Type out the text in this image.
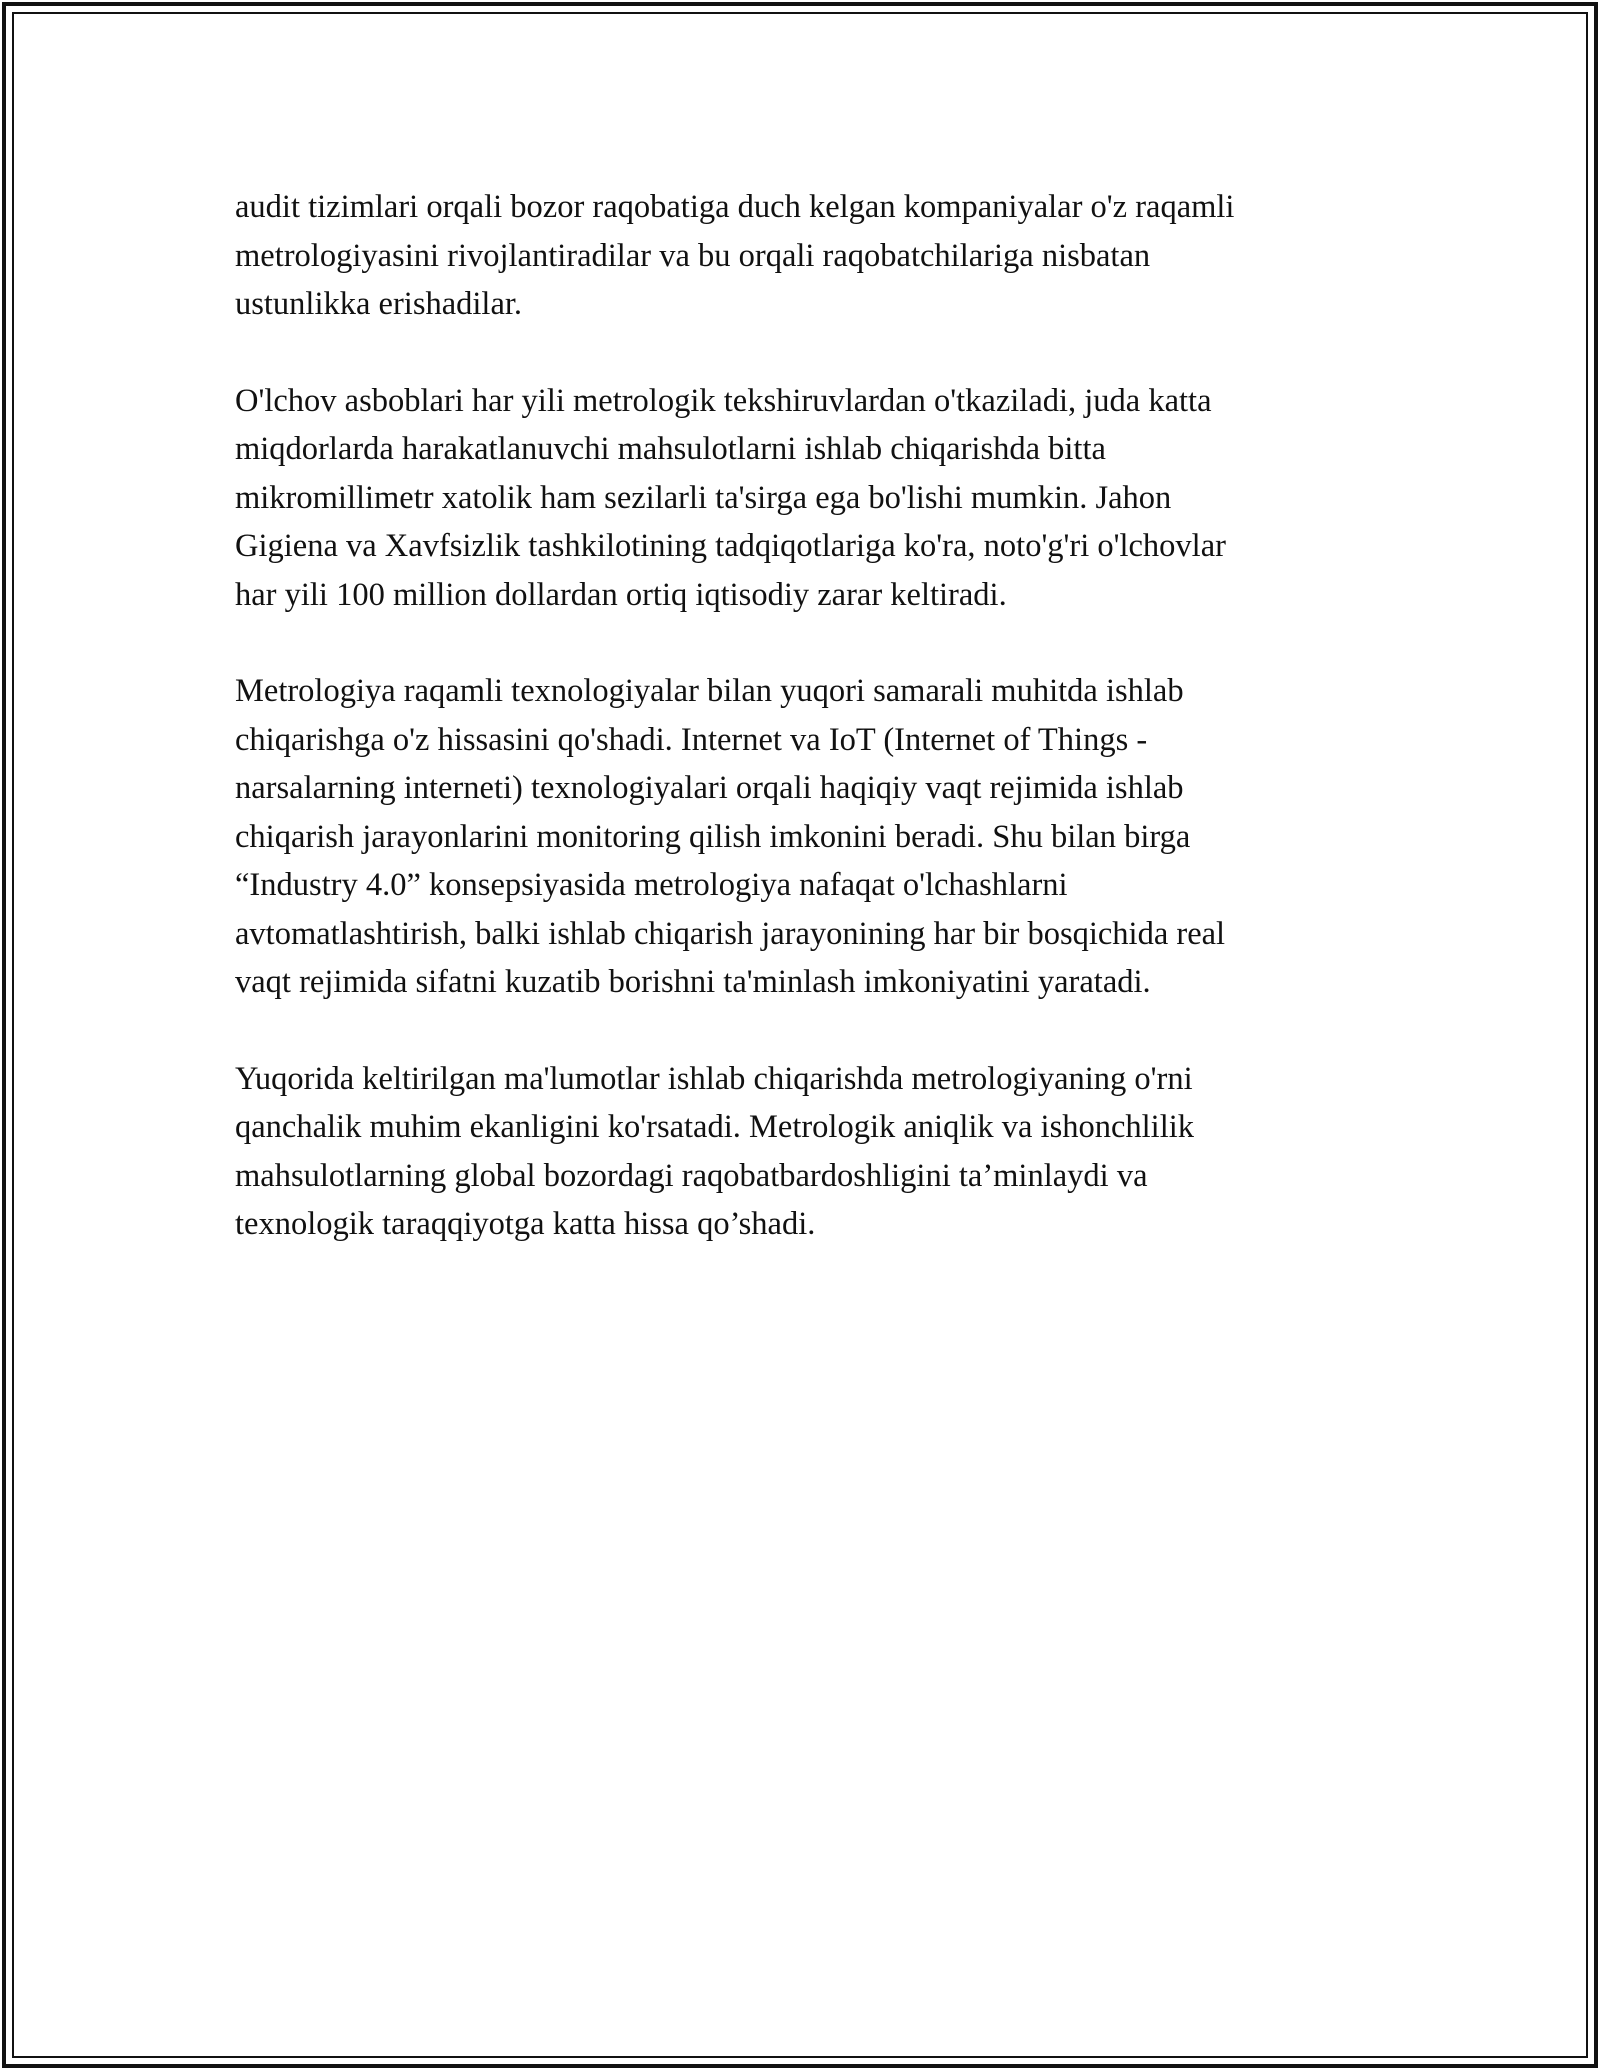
audit tizimlari orqali bozor raqobatiga duch kelgan kompaniyalar o'z raqamli
metrologiyasini rivojlantiradilar va bu orqali raqobatchilariga nisbatan
ustunlikka erishadilar.

O'lchov asboblari har yili metrologik tekshiruvlardan o'tkaziladi, juda katta
miqdorlarda harakatlanuvchi mahsulotlarni ishlab chiqarishda bitta
mikromillimetr xatolik ham sezilarli ta'sirga ega bo'lishi mumkin. Jahon
Gigiena va Xavfsizlik tashkilotining tadqiqotlariga ko'ra, noto'g'ri o'lchovlar
har yili 100 million dollardan ortiq iqtisodiy zarar keltiradi.

Metrologiya raqamli texnologiyalar bilan yuqori samarali muhitda ishlab
chiqarishga o'z hissasini qo'shadi. Internet va IoT (Internet of Things -
narsalarning interneti) texnologiyalari orqali haqiqiy vaqt rejimida ishlab
chiqarish jarayonlarini monitoring qilish imkonini beradi. Shu bilan birga
“Industry 4.0” konsepsiyasida metrologiya nafaqat o'lchashlarni
avtomatlashtirish, balki ishlab chiqarish jarayonining har bir bosqichida real
vaqt rejimida sifatni kuzatib borishni ta'minlash imkoniyatini yaratadi.

Yuqorida keltirilgan ma'lumotlar ishlab chiqarishda metrologiyaning o'rni
qanchalik muhim ekanligini ko'rsatadi. Metrologik aniqlik va ishonchlilik
mahsulotlarning global bozordagi raqobatbardoshligini ta’minlaydi va
texnologik taraqqiyotga katta hissa qo’shadi.
